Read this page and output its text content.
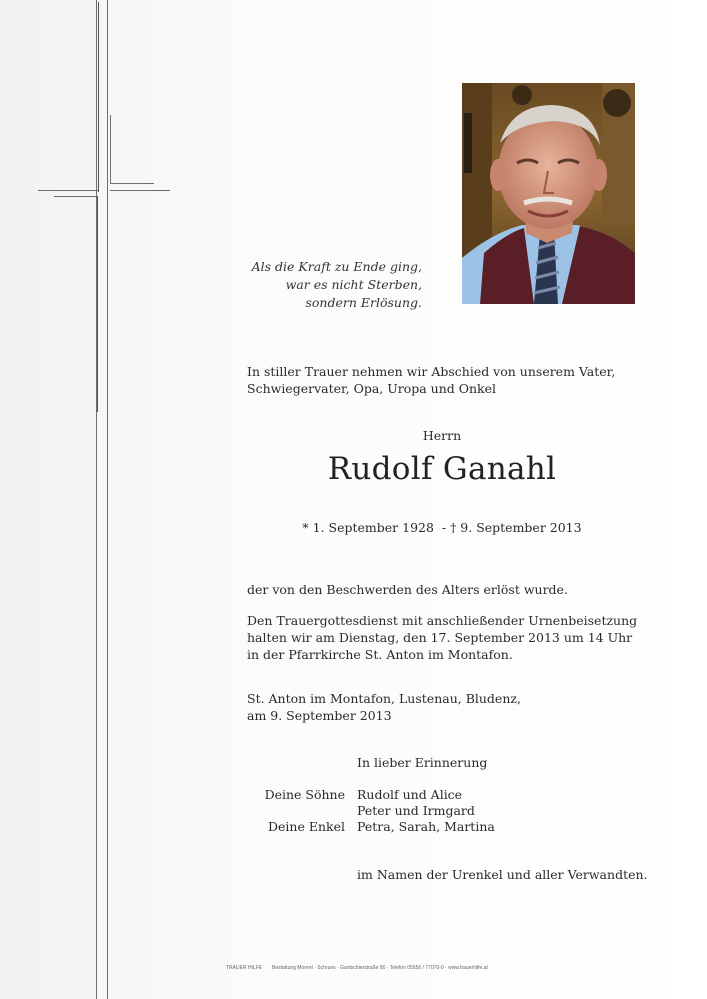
Als die Kraft zu Ende ging,
war es nicht Sterben,
sondern Erlösung.
In stiller Trauer nehmen wir Abschied von unserem Vater,
Schwiegervater, Opa, Uropa und Onkel
Herrn
Rudolf Ganahl
* 1. September 1928  - † 9. September 2013
der von den Beschwerden des Alters erlöst wurde.
Den Trauergottesdienst mit anschließender Urnenbeisetzung
halten wir am Dienstag, den 17. September 2013 um 14 Uhr
in der Pfarrkirche St. Anton im Montafon.
St. Anton im Montafon, Lustenau, Bludenz,
am 9. September 2013
In lieber Erinnerung
Deine Söhne Rudolf und Alice
Peter und Irmgard
Deine Enkel Petra, Sarah, Martina
im Namen der Urenkel und aller Verwandten.
TRAUER HILFE Bestattung Morent · Schruns · Gantschierstraße 80 · Telefon 05556 / 77070-0 · www.trauerhilfe.at
